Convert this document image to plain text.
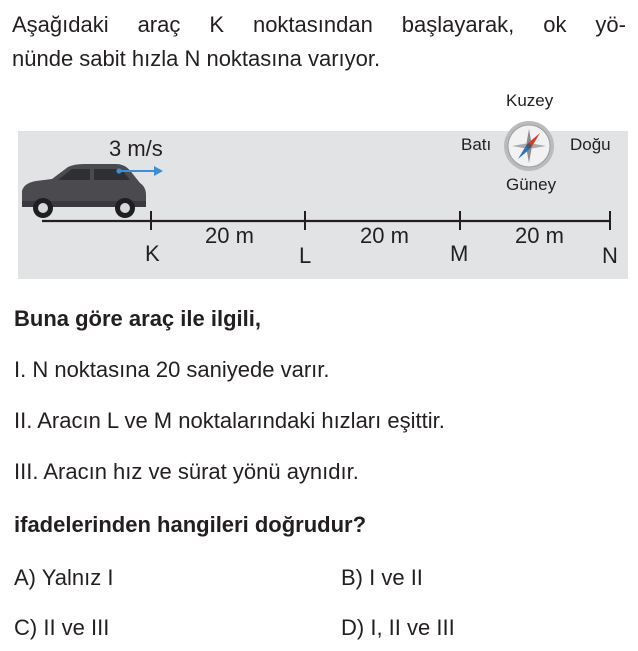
Aşağıdaki araç K noktasından başlayarak, ok yö-
nünde sabit hızla N noktasına varıyor.
3 m/s
K	L	M	N
20 m	20 m	20 m
Kuzey
Güney
Batı	Doğu
Buna göre araç ile ilgili,
I. N noktasına 20 saniyede varır.
II. Aracın L ve M noktalarındaki hızları eşittir.
III. Aracın hız ve sürat yönü aynıdır.
ifadelerinden hangileri doğrudur?
A) Yalnız I	B) I ve II
C) II ve III	D) I, II ve III
